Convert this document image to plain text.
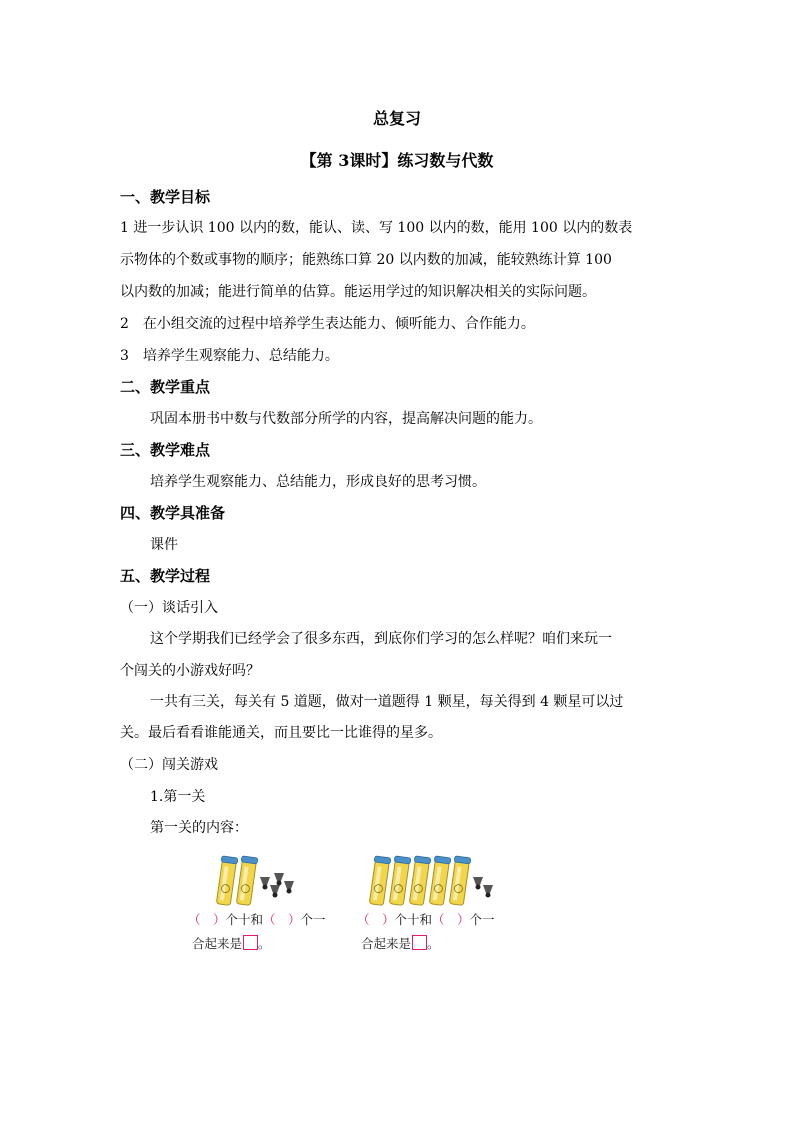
总复习
【第 3课时】练习数与代数
一、教学目标
1 进一步认识 100 以内的数，能认、读、写 100 以内的数，能用 100 以内的数表
示物体的个数或事物的顺序；能熟练口算 20 以内数的加减，能较熟练计算 100
以内数的加减；能进行简单的估算。能运用学过的知识解决相关的实际问题。
2　在小组交流的过程中培养学生表达能力、倾听能力、合作能力。
3　培养学生观察能力、总结能力。
二、教学重点
巩固本册书中数与代数部分所学的内容，提高解决问题的能力。
三、教学难点
培养学生观察能力、总结能力，形成良好的思考习惯。
四、教学具准备
课件
五、教学过程
（一）谈话引入
这个学期我们已经学会了很多东西，到底你们学习的怎么样呢？咱们来玩一
个闯关的小游戏好吗？
一共有三关，每关有 5 道题，做对一道题得 1 颗星，每关得到 4 颗星可以过
关。最后看看谁能通关，而且要比一比谁得的星多。
（二）闯关游戏
1.第一关
第一关的内容：
（　）个十和（　）个一
合起来是 。
（　）个十和（　）个一
合起来是 。
